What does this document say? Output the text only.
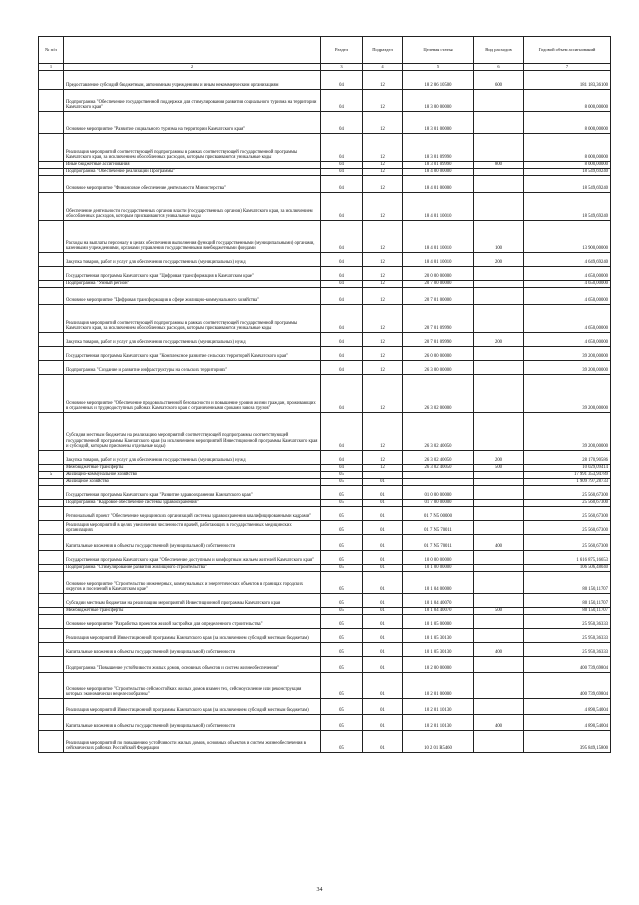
№ п/п		Раздел	Подраздел	Целевая статья	Вид расходов	Годовой объем ассигнований
1	2	3	4	5	6	7
	Предоставление субсидий бюджетным, автономным учреждениям и иным некоммерческим организациям	04	12	18 2 06 10500	600	181 183,36100
	Подпрограмма "Обеспечение государственной поддержки для стимулирования развития социального туризма на территории Камчатского края"	04	12	18 3 00 00000		8 000,00000
	Основное мероприятие "Развитие социального туризма на территории Камчатского края"	04	12	18 3 01 00000		8 000,00000
	Реализация мероприятий соответствующей подпрограммы в рамках соответствующей государственной программы Камчатского края, за исключением обособленных расходов, которым присваиваются уникальные коды	04	12	18 3 01 09990		8 000,00000
	Иные бюджетные ассигнования	04	12	18 3 01 09990	800	8 000,00000
	Подпрограмма "Обеспечение реализации Программы"	04	12	18 4 00 00000		18 549,69240
	Основное мероприятие "Финансовое обеспечение деятельности Министерства"	04	12	18 4 01 00000		18 549,69240
	Обеспечение деятельности государственных органов власти (государственных органов) Камчатского края, за исключением обособленных расходов, которым присваиваются уникальные коды	04	12	18 4 01 10010		18 549,69240
	Расходы на выплаты персоналу в целях обеспечения выполнения функций государственными (муниципальными) органами, казенными учреждениями, органами управления государственными внебюджетными фондами	04	12	18 4 01 10010	100	13 900,00000
	Закупка товаров, работ и услуг для обеспечения государственных (муниципальных) нужд	04	12	18 4 01 10010	200	4 649,69240
	Государственная программа Камчатского края "Цифровая трансформация в Камчатском крае"	04	12	20 0 00 00000		4 650,00000
	Подпрограмма "Умный регион"	04	12	20 7 00 00000		4 650,00000
	Основное мероприятие "Цифровая трансформация в сфере жилищно-коммунального хозяйства"	04	12	20 7 01 00000		4 650,00000
	Реализация мероприятий соответствующей подпрограммы в рамках соответствующей государственной программы Камчатского края, за исключением обособленных расходов, которым присваиваются уникальные коды	04	12	20 7 01 09990		4 650,00000
	Закупка товаров, работ и услуг для обеспечения государственных (муниципальных) нужд	04	12	20 7 01 09990	200	4 650,00000
	Государственная программа Камчатского края "Комплексное развитие сельских территорий Камчатского края"	04	12	26 0 00 00000		39 200,00000
	Подпрограмма "Создание и развитие инфраструктуры на сельских территориях"	04	12	26 3 00 00000		39 200,00000
	Основное мероприятие "Обеспечение продовольственной безопасности и повышение уровня жизни граждан, проживающих в отдаленных и труднодоступных районах Камчатского края с ограниченными сроками завоза грузов"	04	12	26 3 02 00000		39 200,00000
	Субсидия местным бюджетам на реализацию мероприятий соответствующей подпрограммы соответствующей государственной программы Камчатского края (за исключением мероприятий Инвестиционной программы Камчатского края и субсидий, которым присвоены отдельные коды)	04	12	26 3 02 40050		39 200,00000
	Закупка товаров, работ и услуг для обеспечения государственных (муниципальных) нужд	04	12	26 3 02 40050	200	28 170,90586
	Межбюджетные трансферты	04	12	26 3 02 40050	500	10 029,09414
5	Жилищно-коммунальное хозяйство	05				17 991 353,94789
	Жилищное хозяйство	05	01			1 909 797,28733
	Государственная программа Камчатского края "Развитие здравоохранения Камчатского края"	05	01	01 0 00 00000		25 560,67300
	Подпрограмма "Кадровое обеспечение системы здравоохранения"	05	01	01 7 00 00000		25 560,67300
	Региональный проект "Обеспечение медицинских организаций системы здравоохранения квалифицированными кадрами"	05	01	01 7 N5 00000		25 560,67300
	Реализация мероприятий в целях увеличения численности врачей, работающих в государственных медицинских организациях	05	01	01 7 N5 70011		25 560,67300
	Капитальные вложения в объекты государственной (муниципальной) собственности	05	01	01 7 N5 70011	400	25 560,67300
	Государственная программа Камчатского края "Обеспечение доступным и комфортным жильем жителей Камчатского края"	05	01	10 0 00 00000		1 616 875,16653
	Подпрограмма "Стимулирование развития жилищного строительства"	05	01	10 1 00 00000		106 506,48040
	Основное мероприятие "Строительство инженерных, коммунальных и энергетических объектов в границах городских округов и поселений в Камчатском крае"	05	01	10 1 04 00000		80 150,11707
	Субсидии местным бюджетам на реализацию мероприятий Инвестиционной программы Камчатского края	05	01	10 1 04 40070		80 150,11707
	Межбюджетные трансферты	05	01	10 1 04 40070	500	80 150,11707
	Основное мероприятие "Разработка проектов жилой застройки для определенного строительства"	05	01	10 1 05 00000		25 950,36333
	Реализация мероприятий Инвестиционной программы Камчатского края (за исключением субсидий местным бюджетам)	05	01	10 1 05 30130		25 950,36333
	Капитальные вложения в объекты государственной (муниципальной) собственности	05	01	10 1 05 30130	400	25 950,36333
	Подпрограмма "Повышение устойчивости жилых домов, основных объектов и систем жизнеобеспечения"	05	01	10 2 00 00000		400 739,69804
	Основное мероприятие "Строительство сейсмостойких жилых домов взамен тех, сейсмоусиление или реконструкция которых экономически нецелесообразны"	05	01	10 2 01 00000		400 739,69804
	Реализация мероприятий Инвестиционной программы Камчатского края (за исключением субсидий местным бюджетам)	05	01	10 2 01 10130		4 890,54004
	Капитальные вложения в объекты государственной (муниципальной) собственности	05	01	10 2 01 10130	400	4 890,54004
	Реализация мероприятий по повышению устойчивости жилых домов, основных объектов и систем жизнеобеспечения в сейсмических районах Российской Федерации	05	01	10 2 01 R5460		395 849,15800
34
